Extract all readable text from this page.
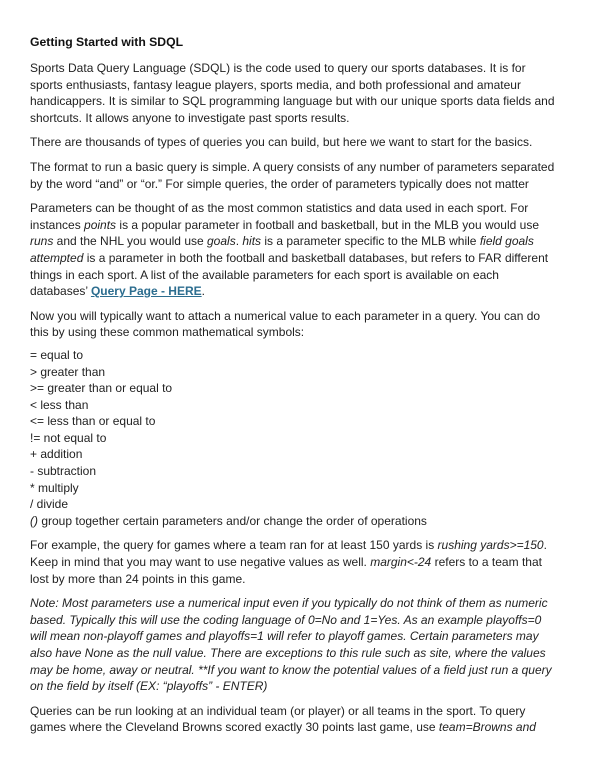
Getting Started with SDQL

Sports Data Query Language (SDQL) is the code used to query our sports databases. It is for sports enthusiasts, fantasy league players, sports media, and both professional and amateur handicappers. It is similar to SQL programming language but with our unique sports data fields and shortcuts. It allows anyone to investigate past sports results.

There are thousands of types of queries you can build, but here we want to start for the basics.

The format to run a basic query is simple. A query consists of any number of parameters separated by the word “and” or “or.” For simple queries, the order of parameters typically does not matter

Parameters can be thought of as the most common statistics and data used in each sport. For instances points is a popular parameter in football and basketball, but in the MLB you would use runs and the NHL you would use goals. hits is a parameter specific to the MLB while field goals attempted is a parameter in both the football and basketball databases, but refers to FAR different things in each sport. A list of the available parameters for each sport is available on each databases’ Query Page - HERE.

Now you will typically want to attach a numerical value to each parameter in a query. You can do this by using these common mathematical symbols:

= equal to
> greater than
>= greater than or equal to
< less than
<= less than or equal to
!= not equal to
+ addition
- subtraction
* multiply
/ divide
() group together certain parameters and/or change the order of operations

For example, the query for games where a team ran for at least 150 yards is rushing yards>=150. Keep in mind that you may want to use negative values as well. margin<-24 refers to a team that lost by more than 24 points in this game.

Note: Most parameters use a numerical input even if you typically do not think of them as numeric based. Typically this will use the coding language of 0=No and 1=Yes. As an example playoffs=0 will mean non-playoff games and playoffs=1 will refer to playoff games. Certain parameters may also have None as the null value. There are exceptions to this rule such as site, where the values may be home, away or neutral. **If you want to know the potential values of a field just run a query on the field by itself (EX: “playoffs” - ENTER)

Queries can be run looking at an individual team (or player) or all teams in the sport. To query games where the Cleveland Browns scored exactly 30 points last game, use team=Browns and
